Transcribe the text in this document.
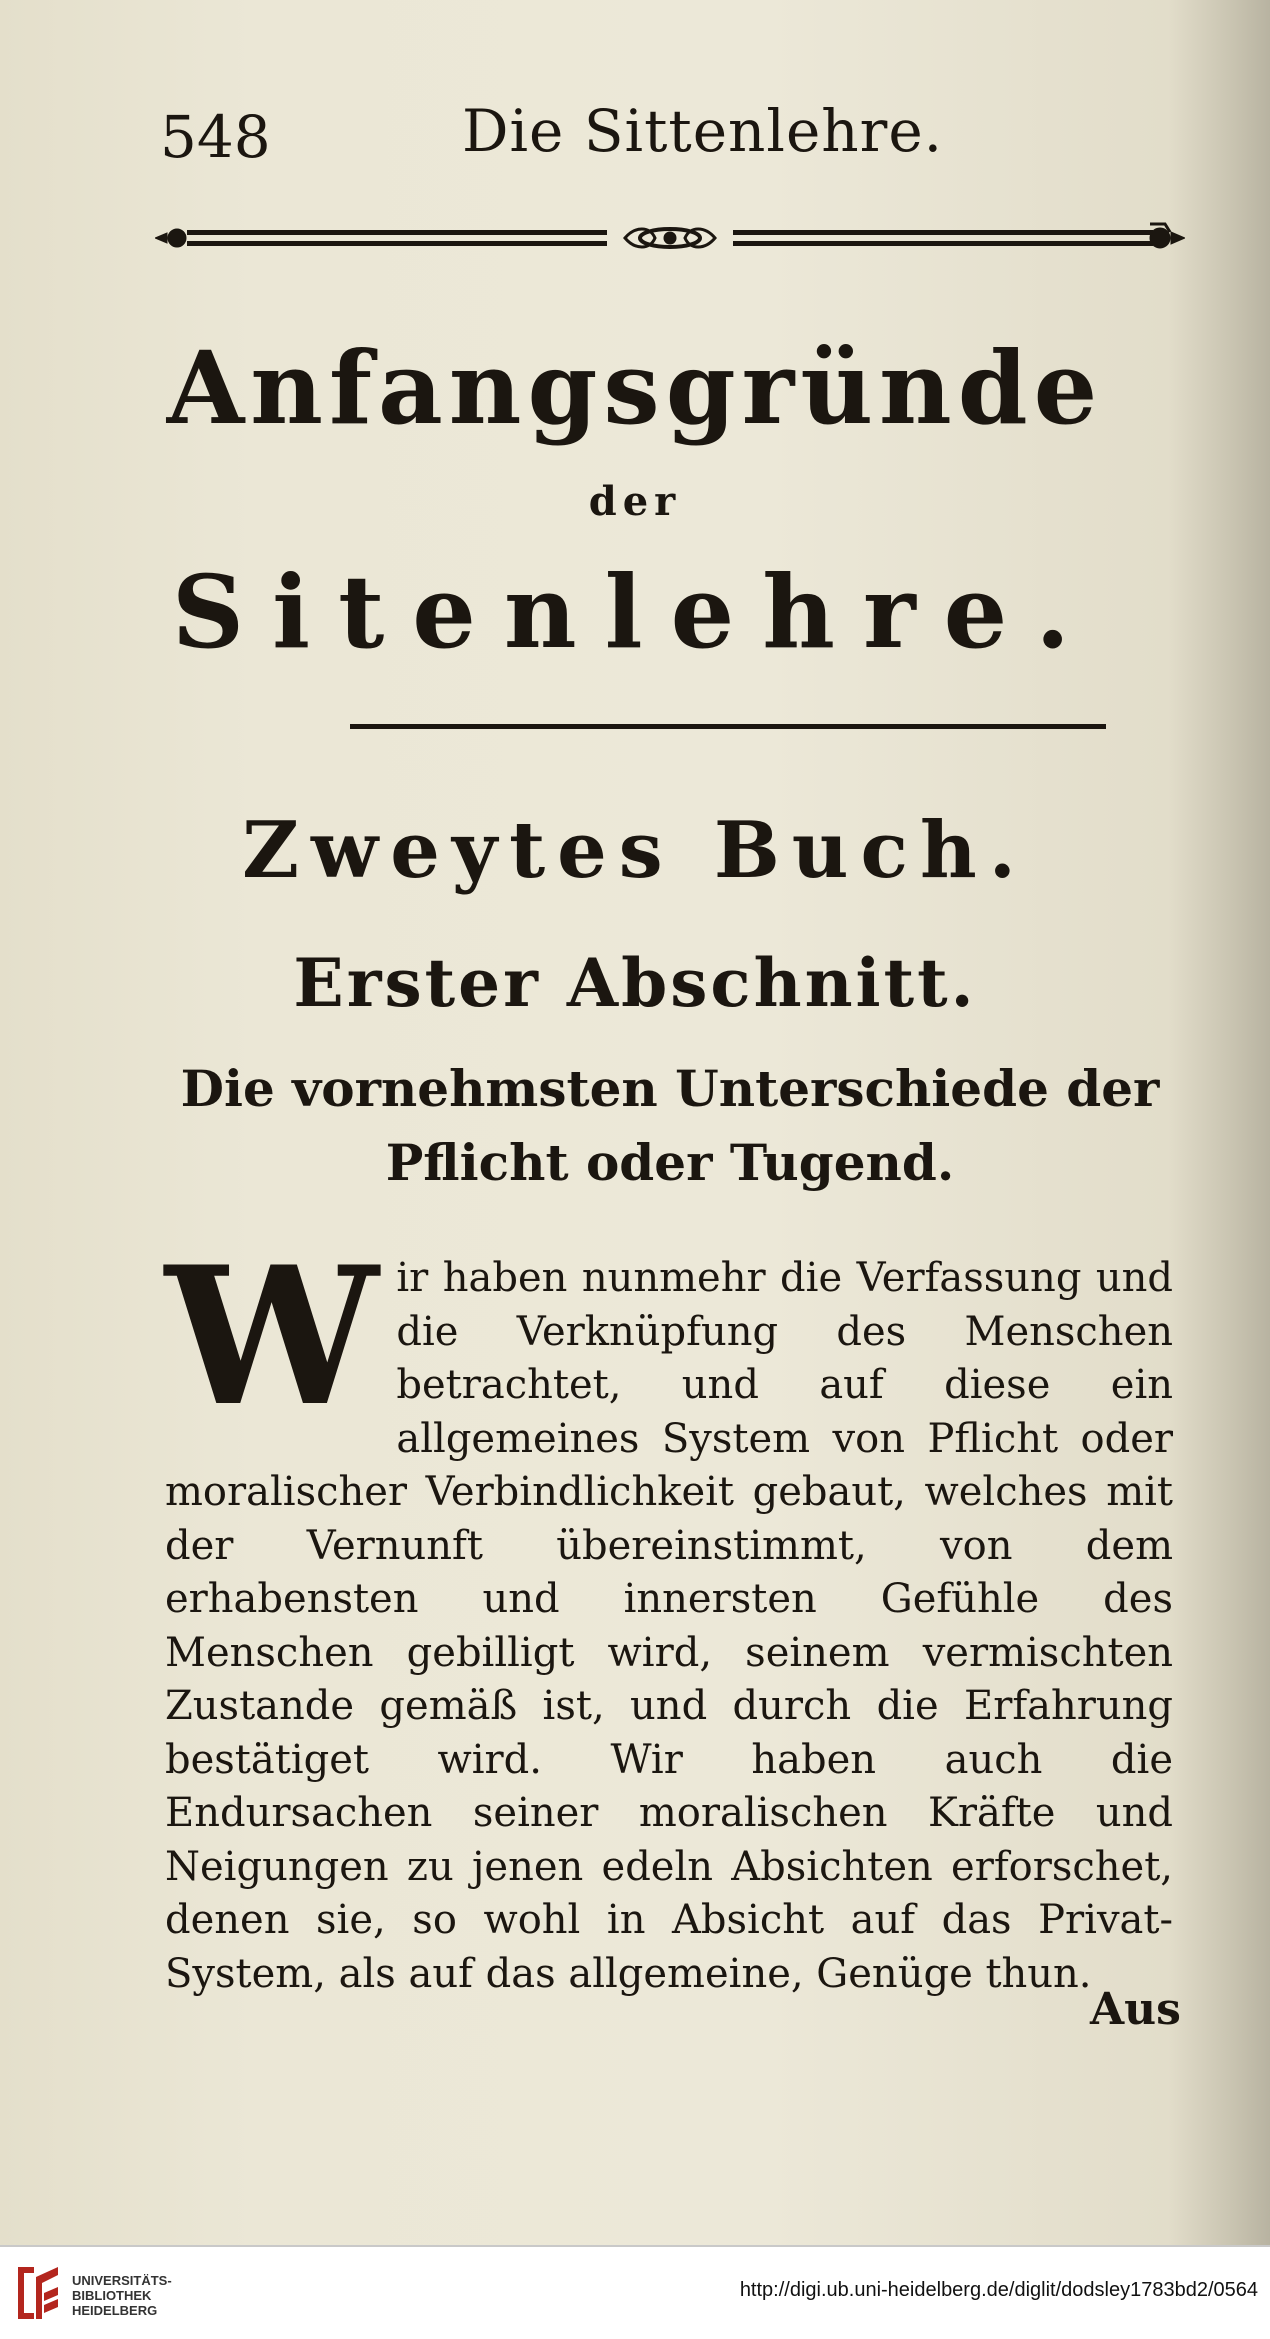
548	Die Sittenlehre.
Anfangsgründe
der
Sitenlehre.
Zweytes Buch.
Erster Abschnitt.
Die vornehmsten Unterschiede der Pflicht oder Tugend.
Wir haben nunmehr die Verfassung und die Verknüpfung des Menschen betrachtet, und auf diese ein allgemeines System von Pflicht oder moralischer Verbindlichkeit gebaut, welches mit der Vernunft übereinstimmt, von dem erhabensten und innersten Gefühle des Menschen gebilligt wird, seinem vermischten Zustande gemäß ist, und durch die Erfahrung bestätiget wird. Wir haben auch die Endursachen seiner moralischen Kräfte und Neigungen zu jenen edeln Absichten erforschet, denen sie, so wohl in Absicht auf das Privat-System, als auf das allgemeine, Genüge thun.
Aus
UNIVERSITÄTS-
BIBLIOTHEK
HEIDELBERG
http://digi.ub.uni-heidelberg.de/diglit/dodsley1783bd2/0564
